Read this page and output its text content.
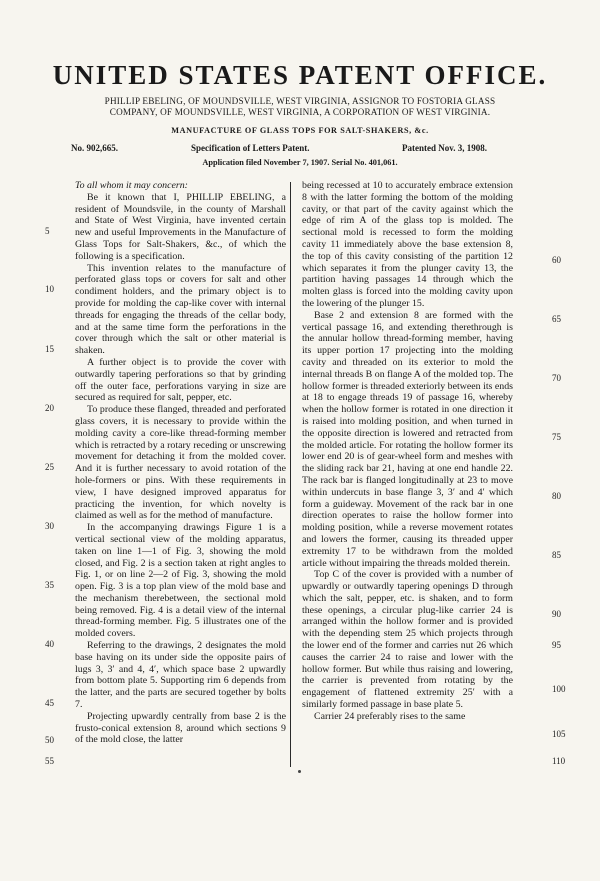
UNITED STATES PATENT OFFICE.
PHILLIP EBELING, OF MOUNDSVILLE, WEST VIRGINIA, ASSIGNOR TO FOSTORIA GLASS
COMPANY, OF MOUNDSVILLE, WEST VIRGINIA, A CORPORATION OF WEST VIRGINIA.
MANUFACTURE OF GLASS TOPS FOR SALT-SHAKERS, &c.
No. 902,665.	Specification of Letters Patent.	Patented Nov. 3, 1908.
Application filed November 7, 1907. Serial No. 401,061.

To all whom it may concern:

Be it known that I, PHILLIP EBELING, a resident of Moundsvile, in the county of Marshall and State of West Virginia, have invented certain new and useful Improvements in the Manufacture of Glass Tops for Salt-Shakers, &c., of which the following is a specification.

This invention relates to the manufacture of perforated glass tops or covers for salt and other condiment holders, and the primary object is to provide for molding the cap-like cover with internal threads for engaging the threads of the cellar body, and at the same time form the perforations in the cover through which the salt or other material is shaken.

A further object is to provide the cover with outwardly tapering perforations so that by grinding off the outer face, perforations varying in size are secured as required for salt, pepper, etc.

To produce these flanged, threaded and perforated glass covers, it is necessary to provide within the molding cavity a core-like thread-forming member which is retracted by a rotary receding or unscrewing movement for detaching it from the molded cover. And it is further necessary to avoid rotation of the hole-formers or pins. With these requirements in view, I have designed improved apparatus for practicing the invention, for which novelty is claimed as well as for the method of manufacture.

In the accompanying drawings Figure 1 is a vertical sectional view of the molding apparatus, taken on line 1—1 of Fig. 3, showing the mold closed, and Fig. 2 is a section taken at right angles to Fig. 1, or on line 2—2 of Fig. 3, showing the mold open. Fig. 3 is a top plan view of the mold base and the mechanism therebetween, the sectional mold being removed. Fig. 4 is a detail view of the internal thread-forming member. Fig. 5 illustrates one of the molded covers.

Referring to the drawings, 2 designates the mold base having on its under side the opposite pairs of lugs 3, 3′ and 4, 4′, which space base 2 upwardly from bottom plate 5. Supporting rim 6 depends from the latter, and the parts are secured together by bolts 7.

Projecting upwardly centrally from base 2 is the frusto-conical extension 8, around which sections 9 of the mold close, the latter

being recessed at 10 to accurately embrace extension 8 with the latter forming the bottom of the molding cavity, or that part of the cavity against which the edge of rim A of the glass top is molded. The sectional mold is recessed to form the molding cavity 11 immediately above the base extension 8, the top of this cavity consisting of the partition 12 which separates it from the plunger cavity 13, the partition having passages 14 through which the molten glass is forced into the molding cavity upon the lowering of the plunger 15.

Base 2 and extension 8 are formed with the vertical passage 16, and extending therethrough is the annular hollow thread-forming member, having its upper portion 17 projecting into the molding cavity and threaded on its exterior to mold the internal threads B on flange A of the molded top. The hollow former is threaded exteriorly between its ends at 18 to engage threads 19 of passage 16, whereby when the hollow former is rotated in one direction it is raised into molding position, and when turned in the opposite direction is lowered and retracted from the molded article. For rotating the hollow former its lower end 20 is of gear-wheel form and meshes with the sliding rack bar 21, having at one end handle 22. The rack bar is flanged longitudinally at 23 to move within undercuts in base flange 3, 3′ and 4′ which form a guideway. Movement of the rack bar in one direction operates to raise the hollow former into molding position, while a reverse movement rotates and lowers the former, causing its threaded upper extremity 17 to be withdrawn from the molded article without impairing the threads molded therein.

Top C of the cover is provided with a number of upwardly or outwardly tapering openings D through which the salt, pepper, etc. is shaken, and to form these openings, a circular plug-like carrier 24 is arranged within the hollow former and is provided with the depending stem 25 which projects through the lower end of the former and carries nut 26 which causes the carrier 24 to raise and lower with the hollow former. But while thus raising and lowering, the carrier is prevented from rotating by the engagement of flattened extremity 25′ with a similarly formed passage in base plate 5.

Carrier 24 preferably rises to the same

5
10
15
20
25
30
35
40
45
50
55
60
65
70
75
80
85
90
95
100
105
110
